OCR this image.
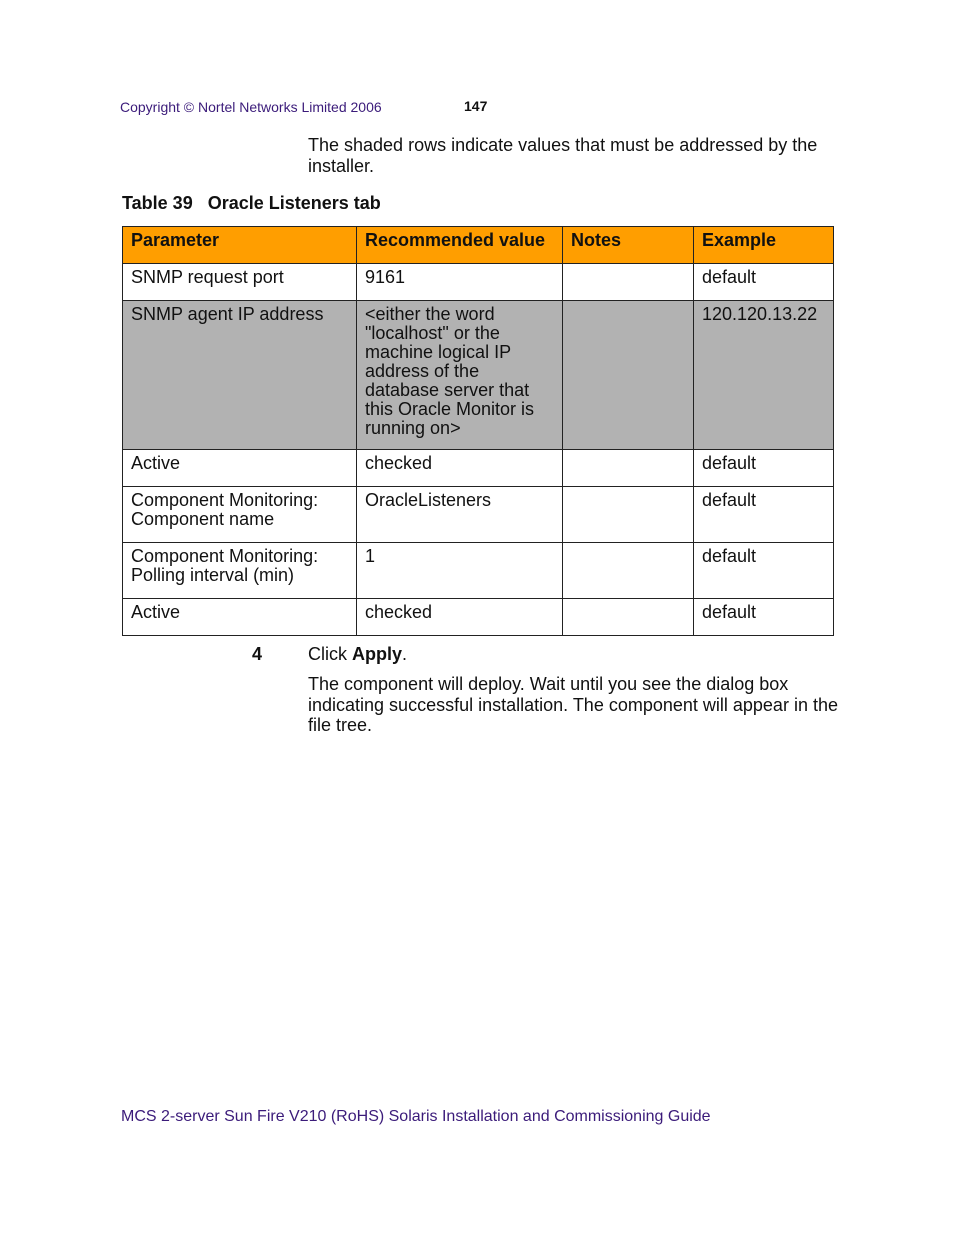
Copyright © Nortel Networks Limited 2006	147
The shaded rows indicate values that must be addressed by the installer.
Table 39 Oracle Listeners tab
Parameter	Recommended value	Notes	Example
SNMP request port	9161		default
SNMP agent IP address	<either the word "localhost" or the machine logical IP address of the database server that this Oracle Monitor is running on>		120.120.13.22
Active	checked		default
Component Monitoring: Component name	OracleListeners		default
Component Monitoring: Polling interval (min)	1		default
Active	checked		default
4	Click Apply.
The component will deploy. Wait until you see the dialog box indicating successful installation. The component will appear in the file tree.
MCS 2-server Sun Fire V210 (RoHS) Solaris Installation and Commissioning Guide
